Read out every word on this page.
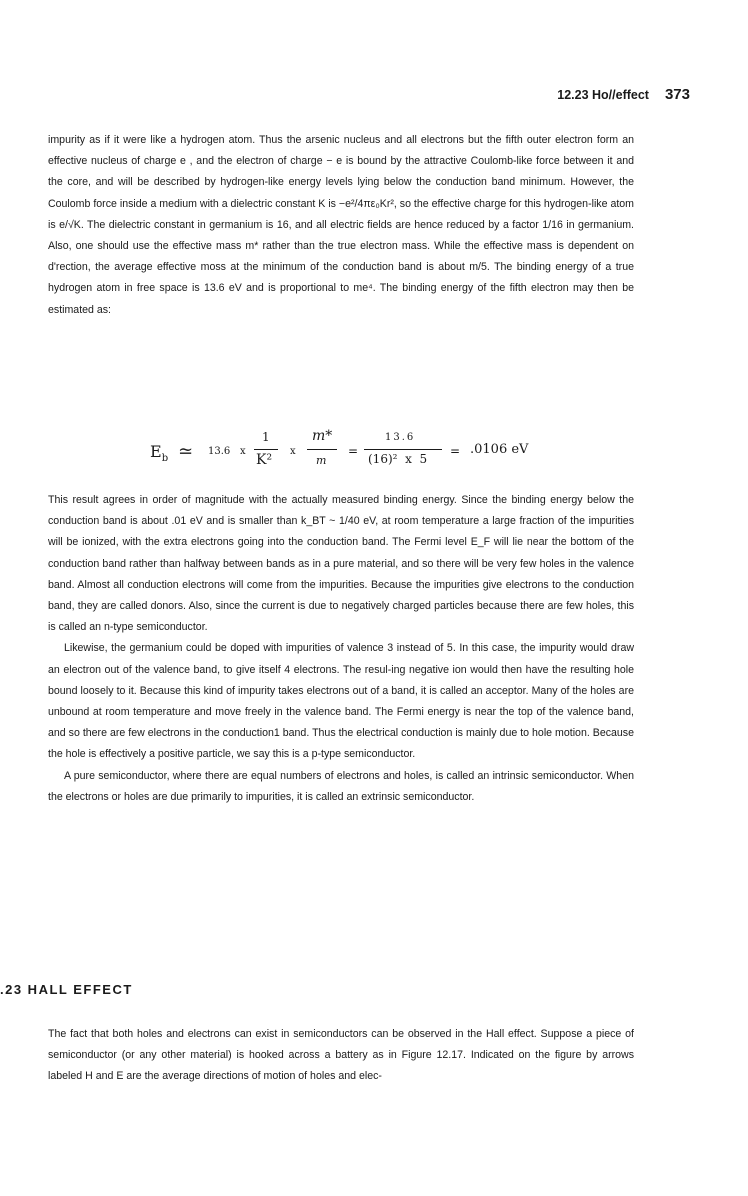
12.23 Ho//effect 373

impurity as if it were like a hydrogen atom. Thus the arsenic nucleus and all electrons but the fifth outer electron form an effective nucleus of charge e , and the electron of charge − e is bound by the attractive Coulomb-like force between it and the core, and will be described by hydrogen-like energy levels lying below the conduction band minimum. However, the Coulomb force inside a medium with a dielectric constant K is −e²/4πε₀Kr², so the effective charge for this hydrogen-like atom is e/√K. The dielectric constant in germanium is 16, and all electric fields are hence reduced by a factor 1/16 in germanium. Also, one should use the effective mass m* rather than the true electron mass. While the effective mass is dependent on d'rection, the average effective moss at the minimum of the conduction band is about m/5. The binding energy of a true hydrogen atom in free space is 13.6 eV and is proportional to me⁴. The binding energy of the fifth electron may then be estimated as:

$E_b$ ≃ 13.6 x
1
K²
x
m*
m
=
13.6
(16)²  x  5
= .0106 eV

This result agrees in order of magnitude with the actually measured binding energy. Since the binding energy below the conduction band is about .01 eV and is smaller than k_BT ~ 1/40 eV, at room temperature a large fraction of the impurities will be ionized, with the extra electrons going into the conduction band. The Fermi level E_F will lie near the bottom of the conduction band rather than halfway between bands as in a pure material, and so there will be very few holes in the valence band. Almost all conduction electrons will come from the impurities. Because the impurities give electrons to the conduction band, they are called donors. Also, since the current is due to negatively charged particles because there are few holes, this is called an n-type semiconductor.
Likewise, the germanium could be doped with impurities of valence 3 instead of 5. In this case, the impurity would draw an electron out of the valence band, to give itself 4 electrons. The resul-ing negative ion would then have the resulting hole bound loosely to it. Because this kind of impurity takes electrons out of a band, it is called an acceptor. Many of the holes are unbound at room temperature and move freely in the valence band. The Fermi energy is near the top of the valence band, and so there are few electrons in the conduction1 band. Thus the electrical conduction is mainly due to hole motion. Because the hole is effectively a positive particle, we say this is a p-type semiconductor.
A pure semiconductor, where there are equal numbers of electrons and holes, is called an intrinsic semiconductor. When the electrons or holes are due primarily to impurities, it is called an extrinsic semiconductor.

.23 HALL EFFECT

The fact that both holes and electrons can exist in semiconductors can be observed in the Hall effect. Suppose a piece of semiconductor (or any other material) is hooked across a battery as in Figure 12.17. Indicated on the figure by arrows labeled H and E are the average directions of motion of holes and elec-
